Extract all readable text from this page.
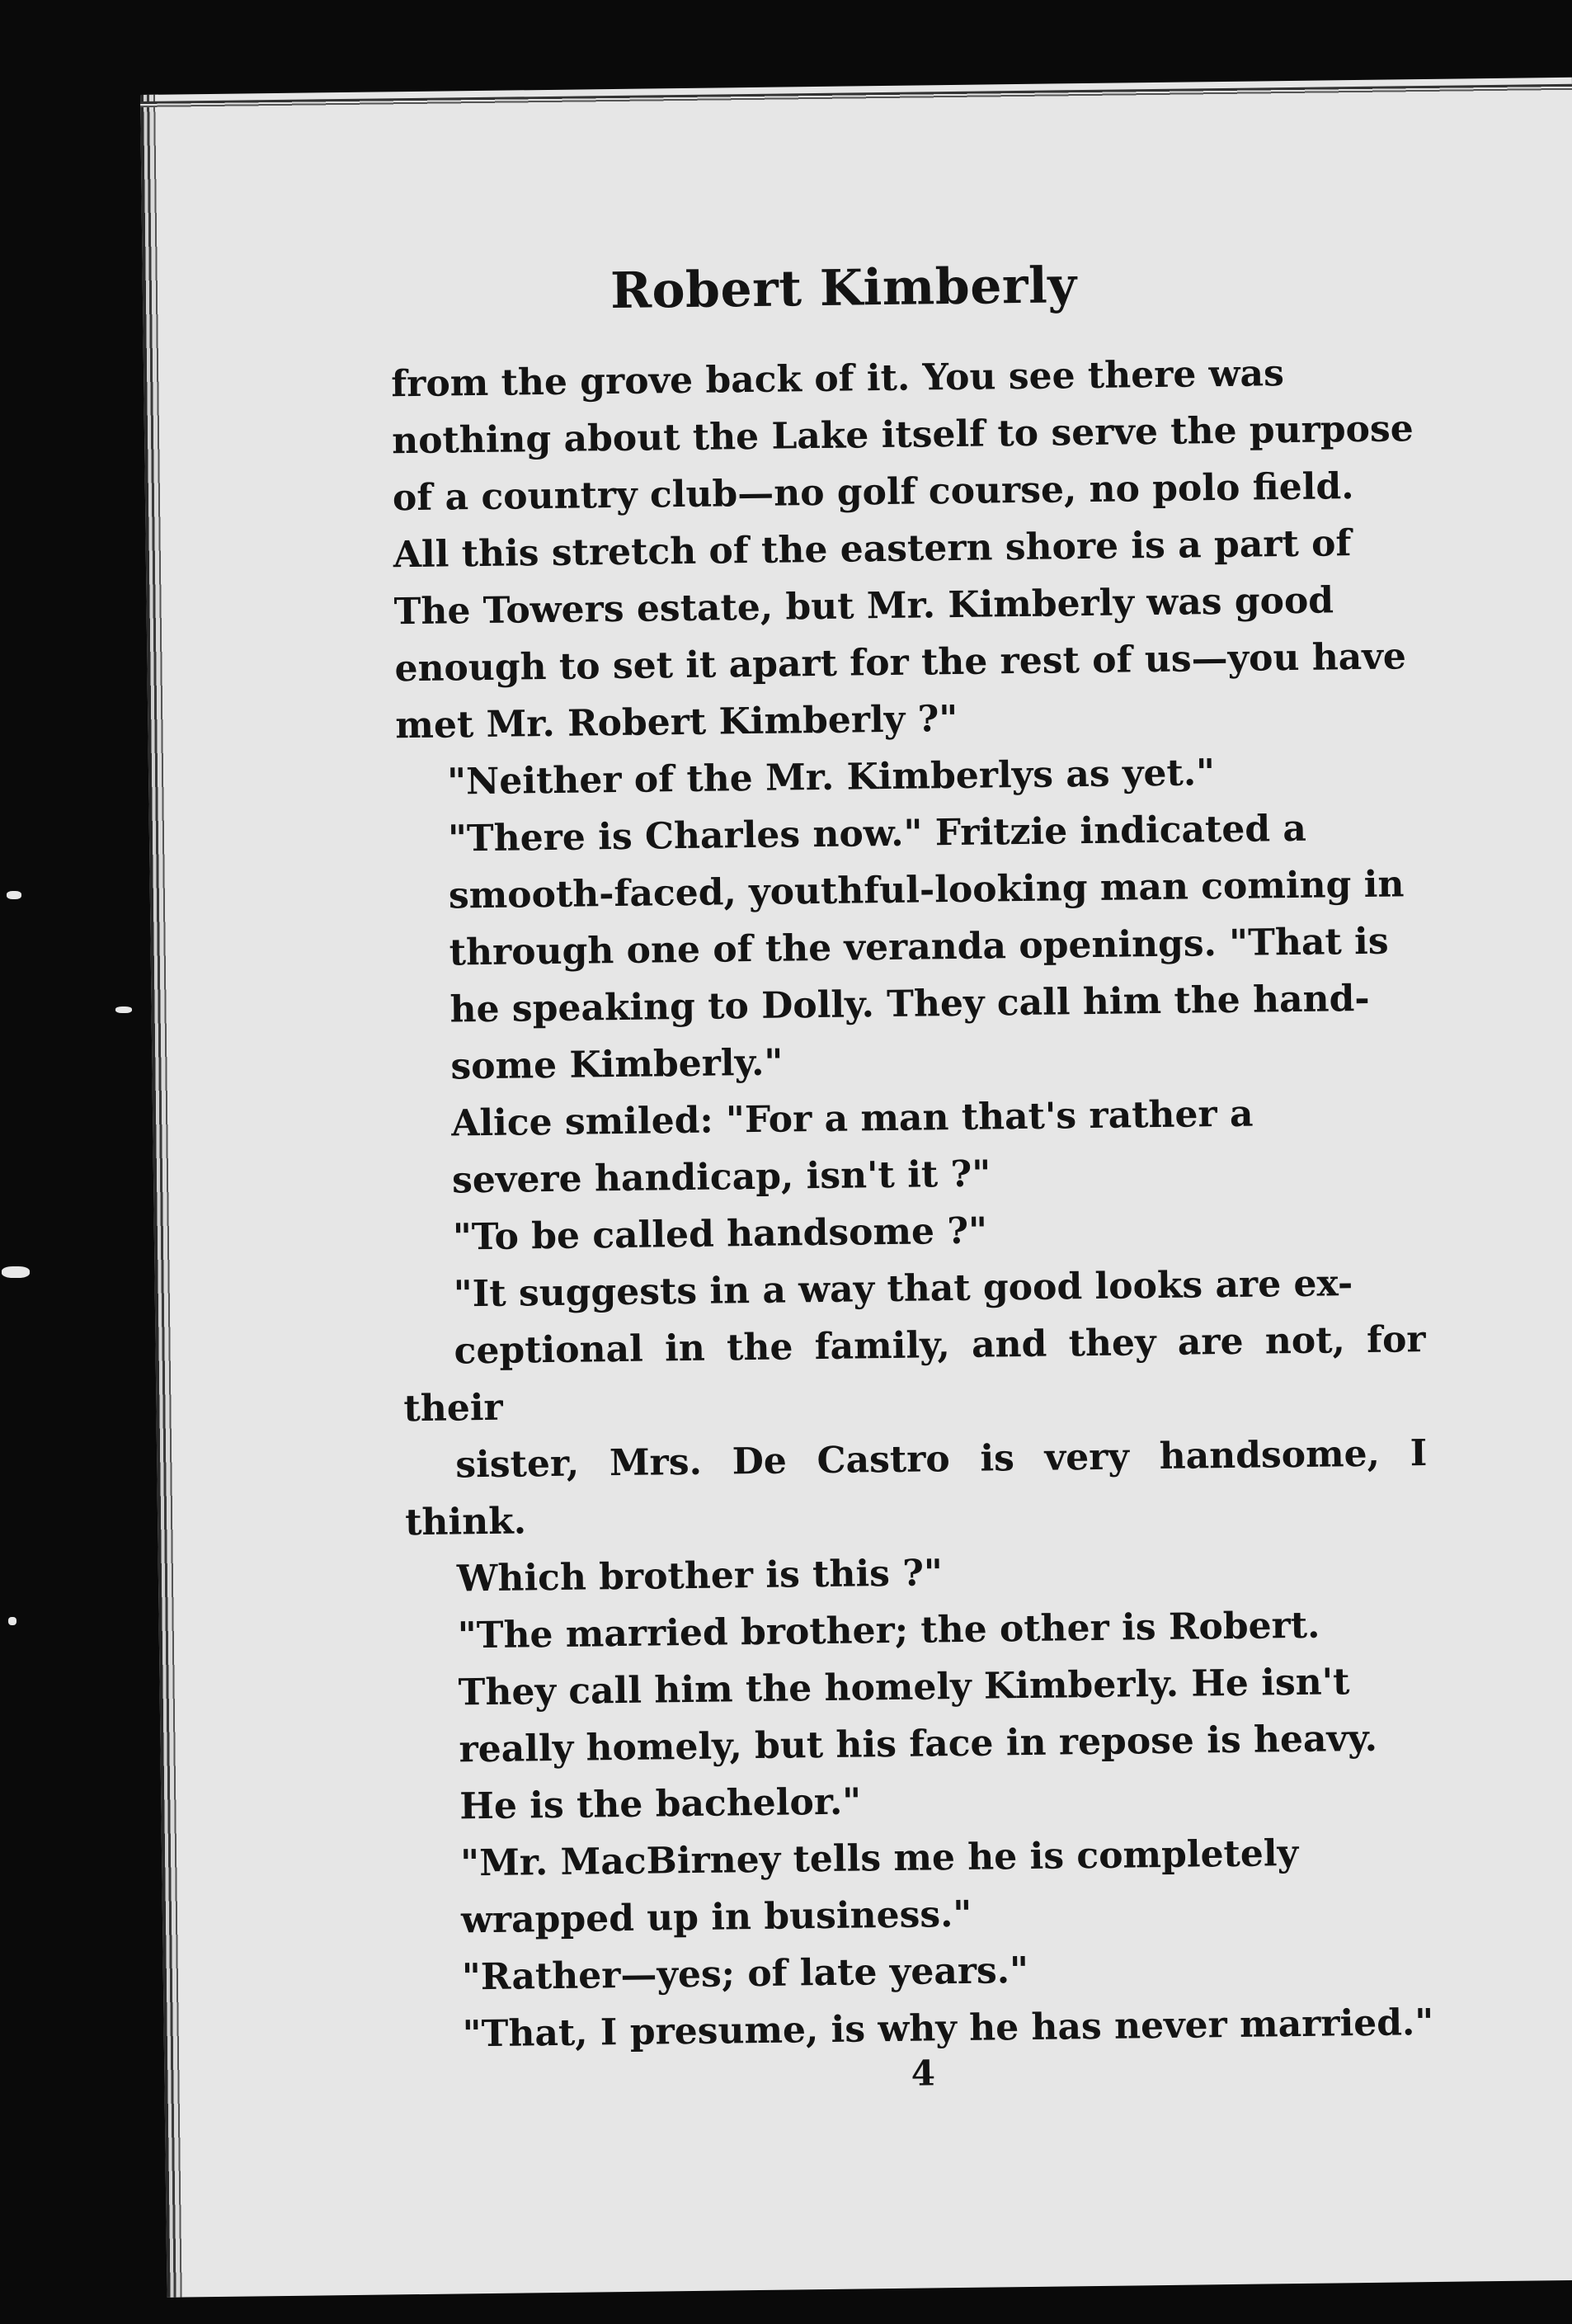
Robert Kimberly

from the grove back of it. You see there was
nothing about the Lake itself to serve the purpose
of a country club—no golf course, no polo field.
All this stretch of the eastern shore is a part of
The Towers estate, but Mr. Kimberly was good
enough to set it apart for the rest of us—you have
met Mr. Robert Kimberly ?"

"Neither of the Mr. Kimberlys as yet."

"There is Charles now." Fritzie indicated a
smooth-faced, youthful-looking man coming in
through one of the veranda openings. "That is
he speaking to Dolly. They call him the hand-
some Kimberly."

Alice smiled: "For a man that's rather a
severe handicap, isn't it ?"

"To be called handsome ?"

"It suggests in a way that good looks are ex-
ceptional in the family, and they are not, for their
sister, Mrs. De Castro is very handsome, I think.
Which brother is this ?"

"The married brother; the other is Robert.
They call him the homely Kimberly. He isn't
really homely, but his face in repose is heavy.
He is the bachelor."

"Mr. MacBirney tells me he is completely
wrapped up in business."

"Rather—yes; of late years."

"That, I presume, is why he has never married."

4
